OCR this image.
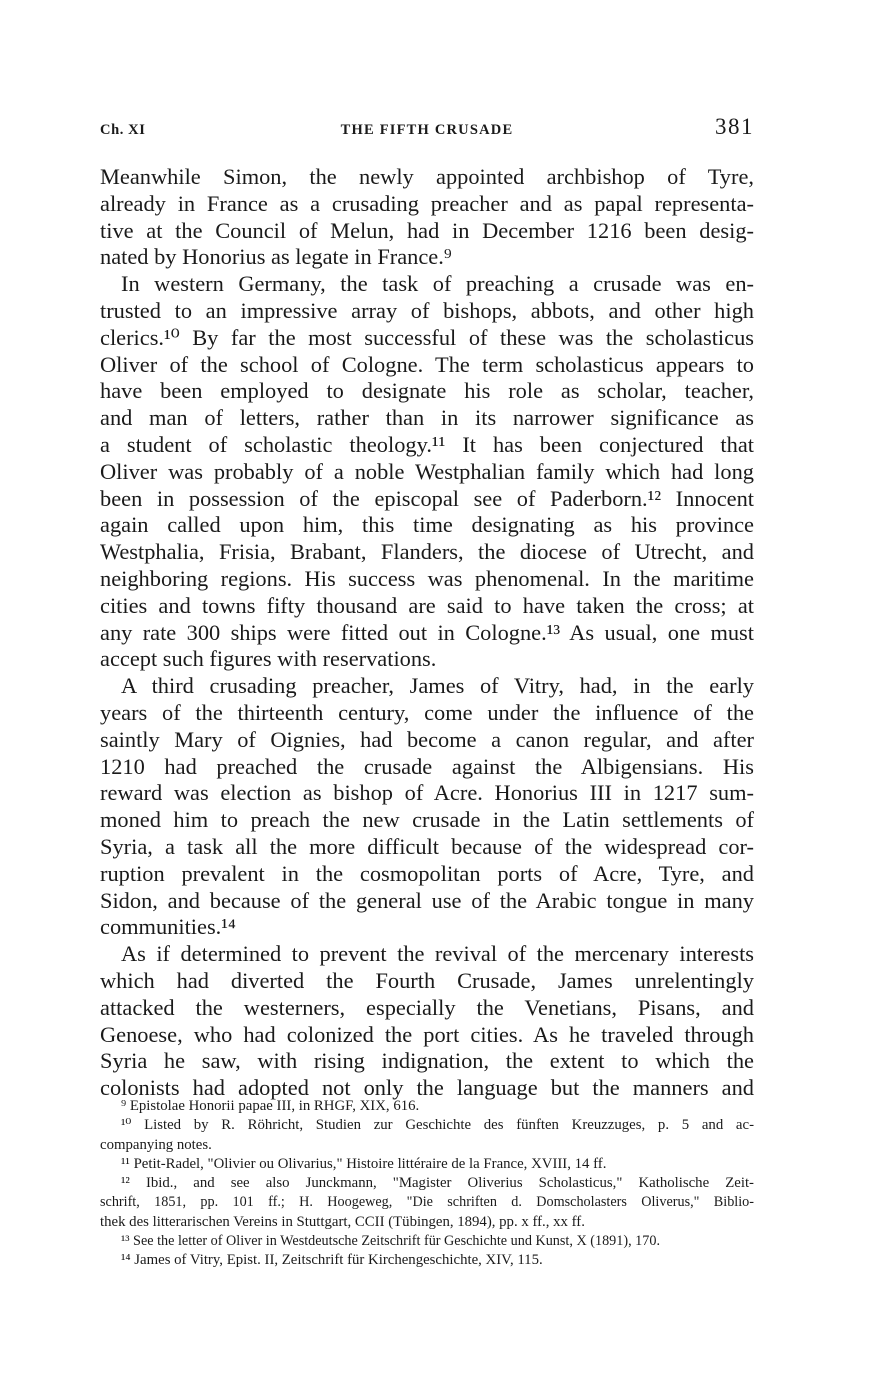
Ch. XI	THE FIFTH CRUSADE	381
Meanwhile Simon, the newly appointed archbishop of Tyre,
already in France as a crusading preacher and as papal representa-
tive at the Council of Melun, had in December 1216 been desig-
nated by Honorius as legate in France.⁹
In western Germany, the task of preaching a crusade was en-
trusted to an impressive array of bishops, abbots, and other high
clerics.¹⁰ By far the most successful of these was the scholasticus
Oliver of the school of Cologne. The term scholasticus appears to
have been employed to designate his role as scholar, teacher,
and man of letters, rather than in its narrower significance as
a student of scholastic theology.¹¹ It has been conjectured that
Oliver was probably of a noble Westphalian family which had long
been in possession of the episcopal see of Paderborn.¹² Innocent
again called upon him, this time designating as his province
Westphalia, Frisia, Brabant, Flanders, the diocese of Utrecht, and
neighboring regions. His success was phenomenal. In the maritime
cities and towns fifty thousand are said to have taken the cross; at
any rate 300 ships were fitted out in Cologne.¹³ As usual, one must
accept such figures with reservations.
A third crusading preacher, James of Vitry, had, in the early
years of the thirteenth century, come under the influence of the
saintly Mary of Oignies, had become a canon regular, and after
1210 had preached the crusade against the Albigensians. His
reward was election as bishop of Acre. Honorius III in 1217 sum-
moned him to preach the new crusade in the Latin settlements of
Syria, a task all the more difficult because of the widespread cor-
ruption prevalent in the cosmopolitan ports of Acre, Tyre, and
Sidon, and because of the general use of the Arabic tongue in many
communities.¹⁴
As if determined to prevent the revival of the mercenary interests
which had diverted the Fourth Crusade, James unrelentingly
attacked the westerners, especially the Venetians, Pisans, and
Genoese, who had colonized the port cities. As he traveled through
Syria he saw, with rising indignation, the extent to which the
colonists had adopted not only the language but the manners and
⁹ Epistolae Honorii papae III, in RHGF, XIX, 616.
¹⁰ Listed by R. Röhricht, Studien zur Geschichte des fünften Kreuzzuges, p. 5 and ac-
companying notes.
¹¹ Petit-Radel, "Olivier ou Olivarius," Histoire littéraire de la France, XVIII, 14 ff.
¹² Ibid., and see also Junckmann, "Magister Oliverius Scholasticus," Katholische Zeit-
schrift, 1851, pp. 101 ff.; H. Hoogeweg, "Die schriften d. Domscholasters Oliverus," Biblio-
thek des litterarischen Vereins in Stuttgart, CCII (Tübingen, 1894), pp. x ff., xx ff.
¹³ See the letter of Oliver in Westdeutsche Zeitschrift für Geschichte und Kunst, X (1891), 170.
¹⁴ James of Vitry, Epist. II, Zeitschrift für Kirchengeschichte, XIV, 115.
